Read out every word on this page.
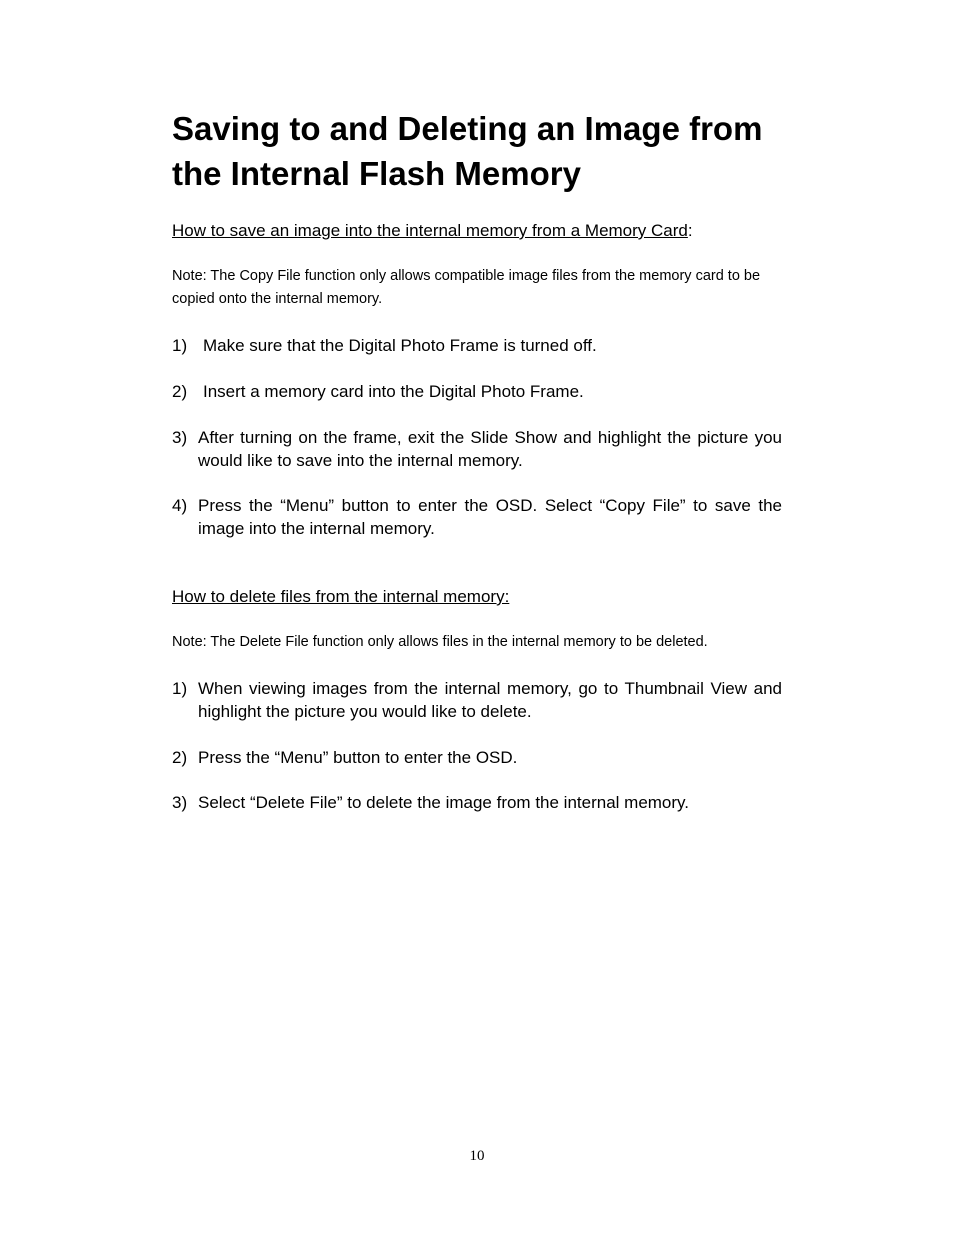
Saving to and Deleting an Image from the Internal Flash Memory

How to save an image into the internal memory from a Memory Card:

Note: The Copy File function only allows compatible image files from the memory card to be copied onto the internal memory.

1) Make sure that the Digital Photo Frame is turned off.
2) Insert a memory card into the Digital Photo Frame.
3) After turning on the frame, exit the Slide Show and highlight the picture you would like to save into the internal memory.
4) Press the “Menu” button to enter the OSD. Select “Copy File” to save the image into the internal memory.

How to delete files from the internal memory:

Note: The Delete File function only allows files in the internal memory to be deleted.

1) When viewing images from the internal memory, go to Thumbnail View and highlight the picture you would like to delete.
2) Press the “Menu” button to enter the OSD.
3) Select “Delete File” to delete the image from the internal memory.
10
